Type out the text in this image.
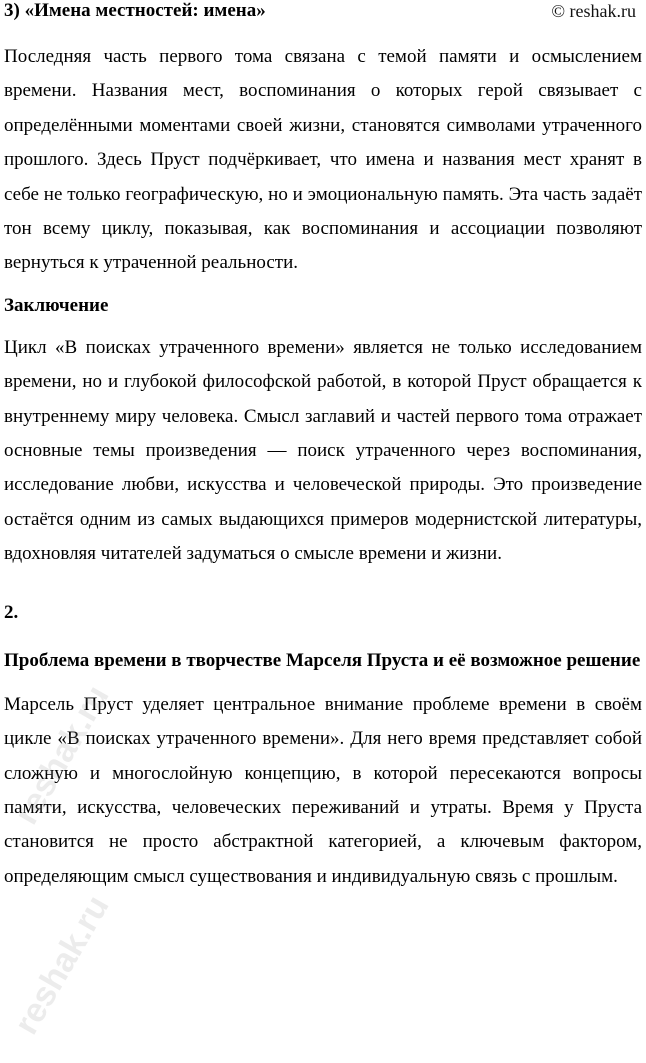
3) «Имена местностей: имена»	© reshak.ru

Последняя часть первого тома связана с темой памяти и осмыслением времени. Названия мест, воспоминания о которых герой связывает с определёнными моментами своей жизни, становятся символами утраченного прошлого. Здесь Пруст подчёркивает, что имена и названия мест хранят в себе не только географическую, но и эмоциональную память. Эта часть задаёт тон всему циклу, показывая, как воспоминания и ассоциации позволяют вернуться к утраченной реальности.

Заключение

Цикл «В поисках утраченного времени» является не только исследованием времени, но и глубокой философской работой, в которой Пруст обращается к внутреннему миру человека. Смысл заглавий и частей первого тома отражает основные темы произведения — поиск утраченного через воспоминания, исследование любви, искусства и человеческой природы. Это произведение остаётся одним из самых выдающихся примеров модернистской литературы, вдохновляя читателей задуматься о смысле времени и жизни.

2.
Проблема времени в творчестве Марселя Пруста и её возможное решение

Марсель Пруст уделяет центральное внимание проблеме времени в своём цикле «В поисках утраченного времени». Для него время представляет собой сложную и многослойную концепцию, в которой пересекаются вопросы памяти, искусства, человеческих переживаний и утраты. Время у Пруста становится не просто абстрактной категорией, а ключевым фактором, определяющим смысл существования и индивидуальную связь с прошлым.

reshak.ru
reshak.ru
